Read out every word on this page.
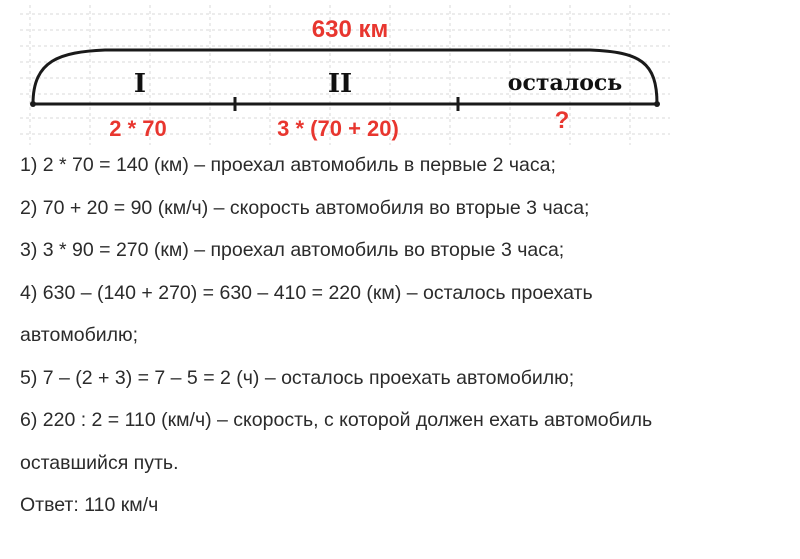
630 км
I	II	осталось
2 * 70	3 * (70 + 20)	?
1) 2 * 70 = 140 (км) – проехал автомобиль в первые 2 часа;
2) 70 + 20 = 90 (км/ч) – скорость автомобиля во вторые 3 часа;
3) 3 * 90 = 270 (км) – проехал автомобиль во вторые 3 часа;
4) 630 – (140 + 270) = 630 – 410 = 220 (км) – осталось проехать
автомобилю;
5) 7 – (2 + 3) = 7 – 5 = 2 (ч) – осталось проехать автомобилю;
6) 220 : 2 = 110 (км/ч) – скорость, с которой должен ехать автомобиль
оставшийся путь.
Ответ: 110 км/ч
